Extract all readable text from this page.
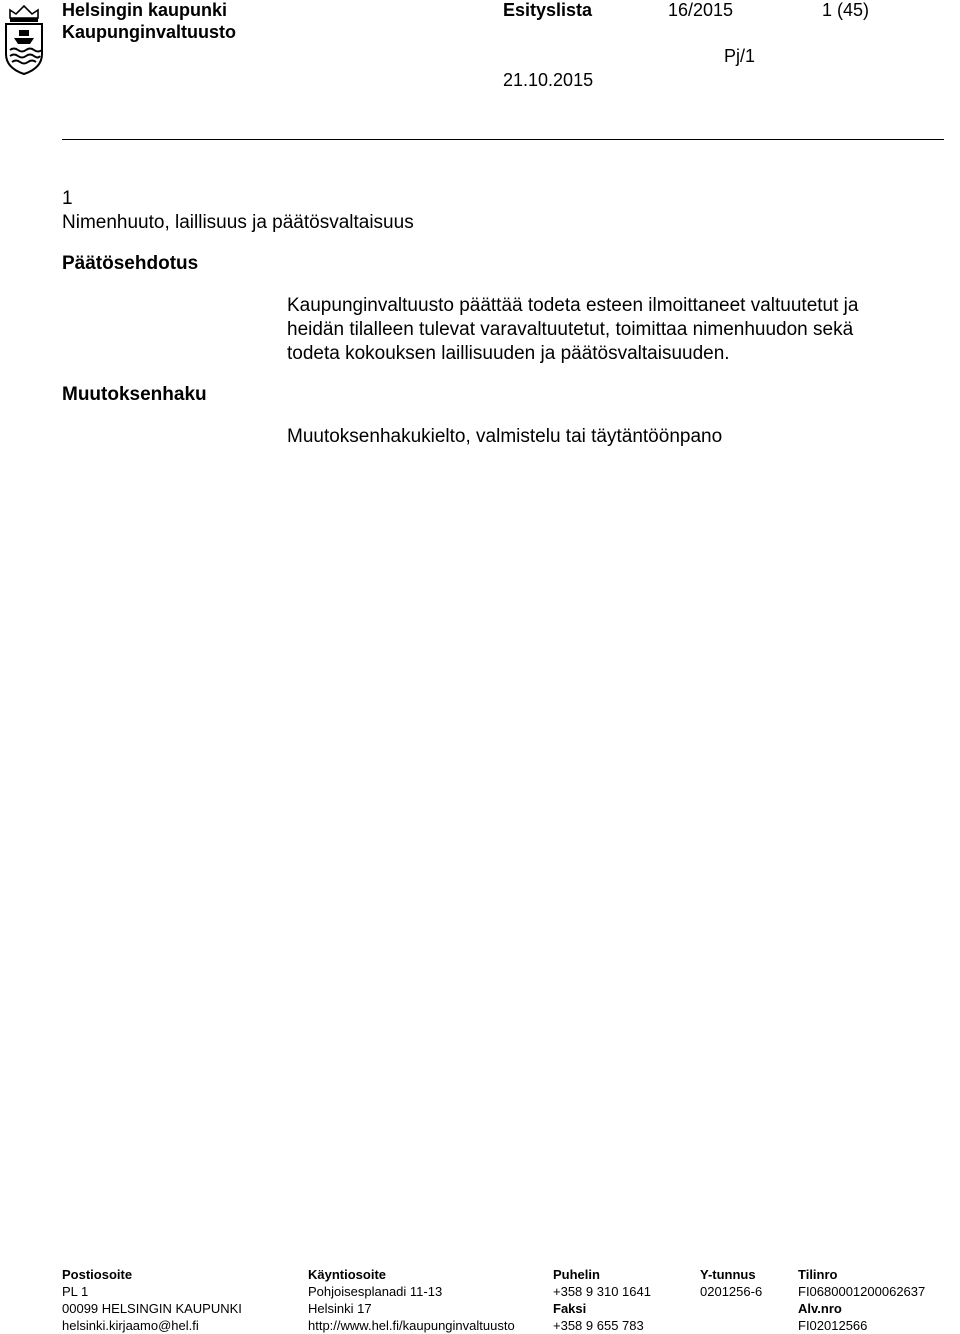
Helsingin kaupunki
Kaupunginvaltuusto
Esityslista	16/2015	1 (45)
Pj/1
21.10.2015
1
Nimenhuuto, laillisuus ja päätösvaltaisuus
Päätösehdotus
Kaupunginvaltuusto päättää todeta esteen ilmoittaneet valtuutetut ja
heidän tilalleen tulevat varavaltuutetut, toimittaa nimenhuudon sekä
todeta kokouksen laillisuuden ja päätösvaltaisuuden.
Muutoksenhaku
Muutoksenhakukielto, valmistelu tai täytäntöönpano
Postiosoite
PL 1
00099 HELSINGIN KAUPUNKI
helsinki.kirjaamo@hel.fi
Käyntiosoite
Pohjoisesplanadi 11-13
Helsinki 17
http://www.hel.fi/kaupunginvaltuusto
Puhelin
+358 9 310 1641
Faksi
+358 9 655 783
Y-tunnus
0201256-6
Tilinro
FI0680001200062637
Alv.nro
FI02012566
